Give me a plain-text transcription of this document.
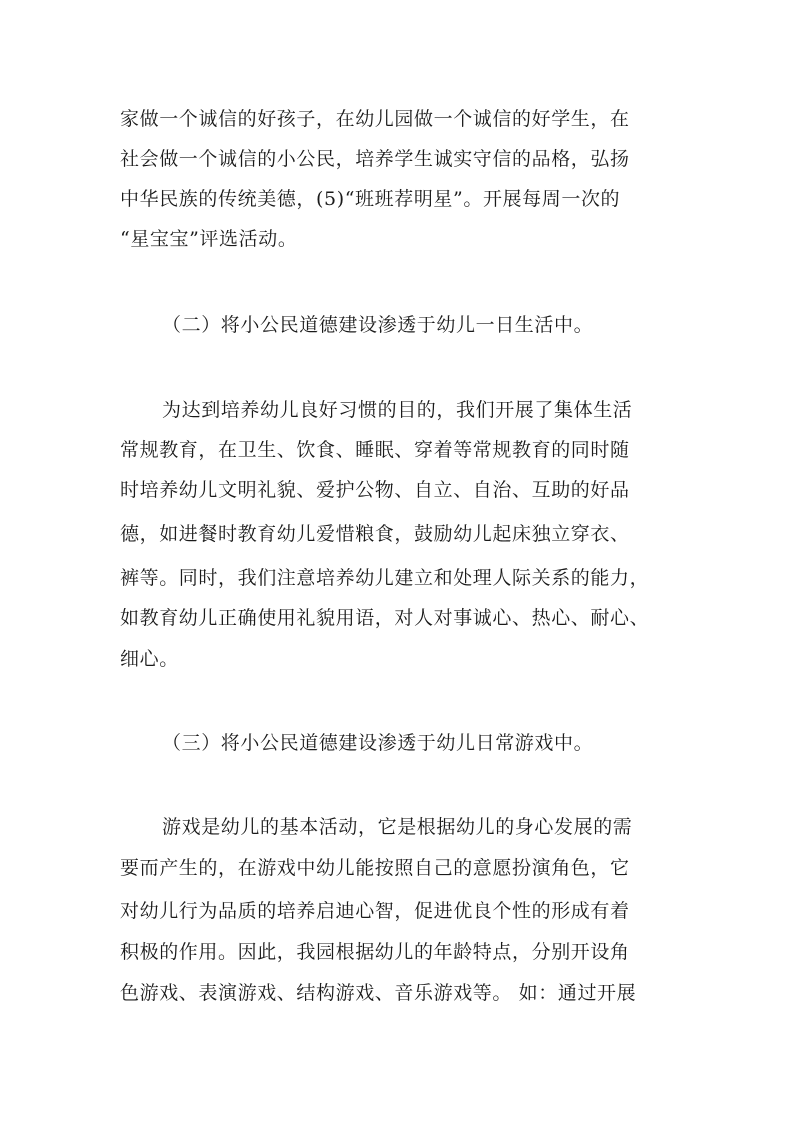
家做一个诚信的好孩子，在幼儿园做一个诚信的好学生，在
社会做一个诚信的小公民，培养学生诚实守信的品格，弘扬
中华民族的传统美德，(5)“班班荐明星”。开展每周一次的
“星宝宝”评选活动。
（二）将小公民道德建设渗透于幼儿一日生活中。
为达到培养幼儿良好习惯的目的，我们开展了集体生活
常规教育，在卫生、饮食、睡眠、穿着等常规教育的同时随
时培养幼儿文明礼貌、爱护公物、自立、自治、互助的好品
德，如进餐时教育幼儿爱惜粮食，鼓励幼儿起床独立穿衣、
裤等。同时，我们注意培养幼儿建立和处理人际关系的能力，
如教育幼儿正确使用礼貌用语，对人对事诚心、热心、耐心、
细心。
（三）将小公民道德建设渗透于幼儿日常游戏中。
游戏是幼儿的基本活动，它是根据幼儿的身心发展的需
要而产生的，在游戏中幼儿能按照自己的意愿扮演角色，它
对幼儿行为品质的培养启迪心智，促进优良个性的形成有着
积极的作用。因此，我园根据幼儿的年龄特点，分别开设角
色游戏、表演游戏、结构游戏、音乐游戏等。 如：通过开展
